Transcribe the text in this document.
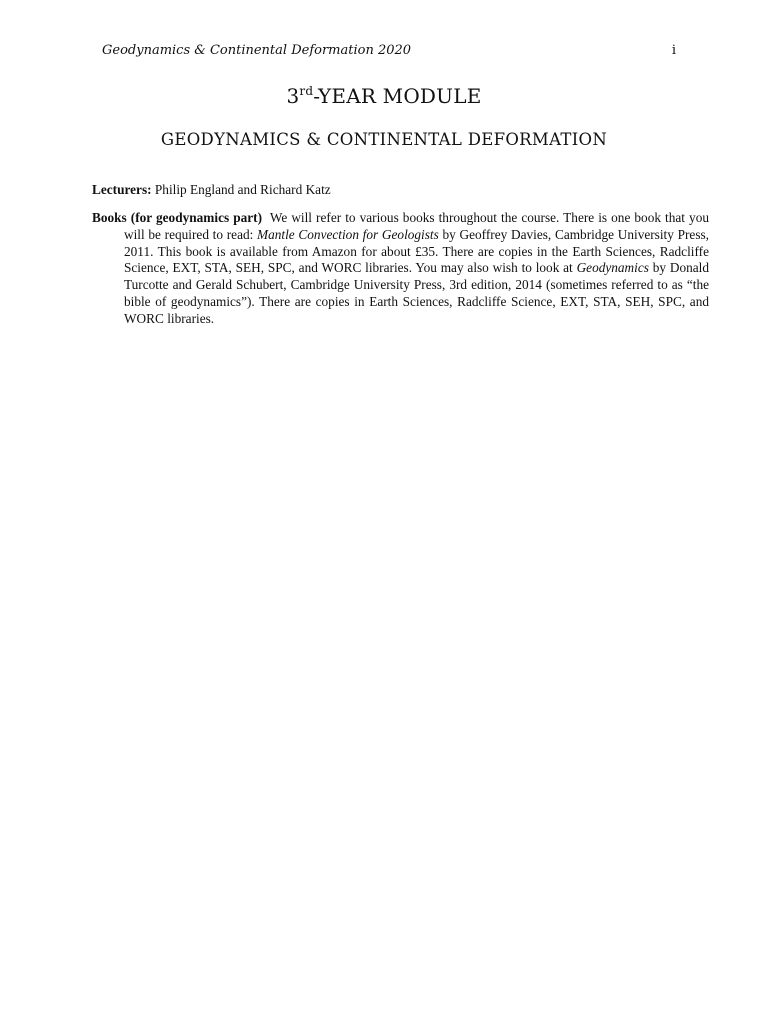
Geodynamics & Continental Deformation 2020	i
3rd-YEAR MODULE
GEODYNAMICS & CONTINENTAL DEFORMATION
Lecturers: Philip England and Richard Katz
Books (for geodynamics part) We will refer to various books throughout the course. There is one book that you will be required to read: Mantle Convection for Geologists by Geoffrey Davies, Cambridge University Press, 2011. This book is available from Amazon for about £35. There are copies in the Earth Sciences, Radcliffe Science, EXT, STA, SEH, SPC, and WORC libraries. You may also wish to look at Geodynamics by Donald Turcotte and Gerald Schubert, Cambridge University Press, 3rd edition, 2014 (sometimes referred to as “the bible of geodynamics”). There are copies in Earth Sciences, Radcliffe Science, EXT, STA, SEH, SPC, and WORC libraries.
